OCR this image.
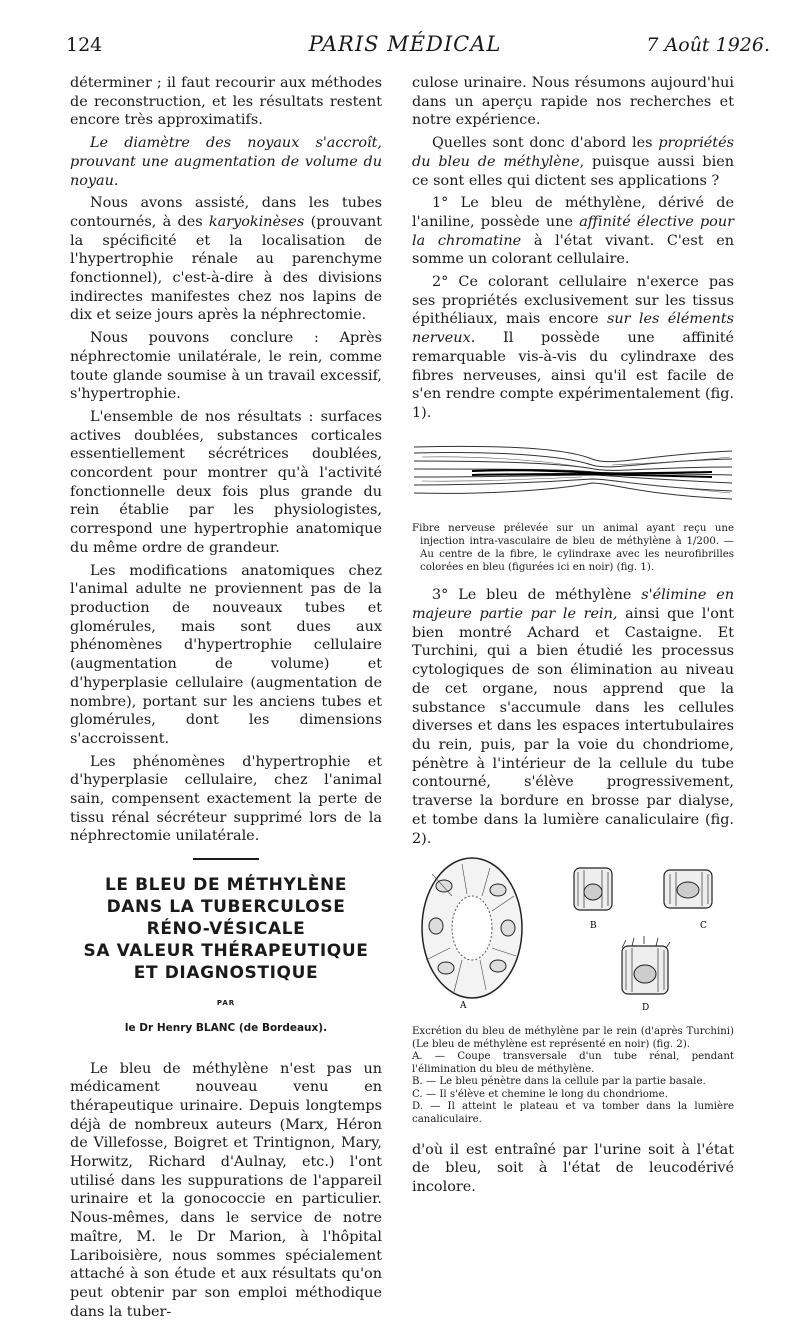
124	PARIS MÉDICAL	7 Août 1926.

déterminer ; il faut recourir aux méthodes de reconstruction, et les résultats restent encore très approximatifs.

Le diamètre des noyaux s'accroît, prouvant une augmentation de volume du noyau.

Nous avons assisté, dans les tubes contournés, à des karyokinèses (prouvant la spécificité et la localisation de l'hypertrophie rénale au parenchyme fonctionnel), c'est-à-dire à des divisions indirectes manifestes chez nos lapins de dix et seize jours après la néphrectomie.

Nous pouvons conclure : Après néphrectomie unilatérale, le rein, comme toute glande soumise à un travail excessif, s'hypertrophie.

L'ensemble de nos résultats : surfaces actives doublées, substances corticales essentiellement sécrétrices doublées, concordent pour montrer qu'à l'activité fonctionnelle deux fois plus grande du rein établie par les physiologistes, correspond une hypertrophie anatomique du même ordre de grandeur.

Les modifications anatomiques chez l'animal adulte ne proviennent pas de la production de nouveaux tubes et glomérules, mais sont dues aux phénomènes d'hypertrophie cellulaire (augmentation de volume) et d'hyperplasie cellulaire (augmentation de nombre), portant sur les anciens tubes et glomérules, dont les dimensions s'accroissent.

Les phénomènes d'hypertrophie et d'hyperplasie cellulaire, chez l'animal sain, compensent exactement la perte de tissu rénal sécréteur supprimé lors de la néphrectomie unilatérale.

LE BLEU DE MÉTHYLÈNE
DANS LA TUBERCULOSE
RÉNO-VÉSICALE
SA VALEUR THÉRAPEUTIQUE
ET DIAGNOSTIQUE
PAR
le Dr Henry BLANC (de Bordeaux).

Le bleu de méthylène n'est pas un médicament nouveau venu en thérapeutique urinaire. Depuis longtemps déjà de nombreux auteurs (Marx, Héron de Villefosse, Boigret et Trintignon, Mary, Horwitz, Richard d'Aulnay, etc.) l'ont utilisé dans les suppurations de l'appareil urinaire et la gonococcie en particulier. Nous-mêmes, dans le service de notre maître, M. le Dr Marion, à l'hôpital Lariboisière, nous sommes spécialement attaché à son étude et aux résultats qu'on peut obtenir par son emploi méthodique dans la tuber-

culose urinaire. Nous résumons aujourd'hui dans un aperçu rapide nos recherches et notre expérience.

Quelles sont donc d'abord les propriétés du bleu de méthylène, puisque aussi bien ce sont elles qui dictent ses applications ?

1° Le bleu de méthylène, dérivé de l'aniline, possède une affinité élective pour la chromatine à l'état vivant. C'est en somme un colorant cellulaire.

2° Ce colorant cellulaire n'exerce pas ses propriétés exclusivement sur les tissus épithéliaux, mais encore sur les éléments nerveux. Il possède une affinité remarquable vis-à-vis du cylindraxe des fibres nerveuses, ainsi qu'il est facile de s'en rendre compte expérimentalement (fig. 1).

Fibre nerveuse prélevée sur un animal ayant reçu une injection intra-vasculaire de bleu de méthylène à 1/200. — Au centre de la fibre, le cylindraxe avec les neurofibrilles colorées en bleu (figurées ici en noir) (fig. 1).

3° Le bleu de méthylène s'élimine en majeure partie par le rein, ainsi que l'ont bien montré Achard et Castaigne. Et Turchini, qui a bien étudié les processus cytologiques de son élimination au niveau de cet organe, nous apprend que la substance s'accumule dans les cellules diverses et dans les espaces intertubulaires du rein, puis, par la voie du chondriome, pénètre à l'intérieur de la cellule du tube contourné, s'élève progressivement, traverse la bordure en brosse par dialyse, et tombe dans la lumière canaliculaire (fig. 2).

A
B	C
D
Excrétion du bleu de méthylène par le rein (d'après Turchini) (Le bleu de méthylène est représenté en noir) (fig. 2).
A. — Coupe transversale d'un tube rénal, pendant l'élimination du bleu de méthylène.
B. — Le bleu pénètre dans la cellule par la partie basale.
C. — Il s'élève et chemine le long du chondriome.
D. — Il atteint le plateau et va tomber dans la lumière canaliculaire.

d'où il est entraîné par l'urine soit à l'état de bleu, soit à l'état de leucodérivé incolore.
